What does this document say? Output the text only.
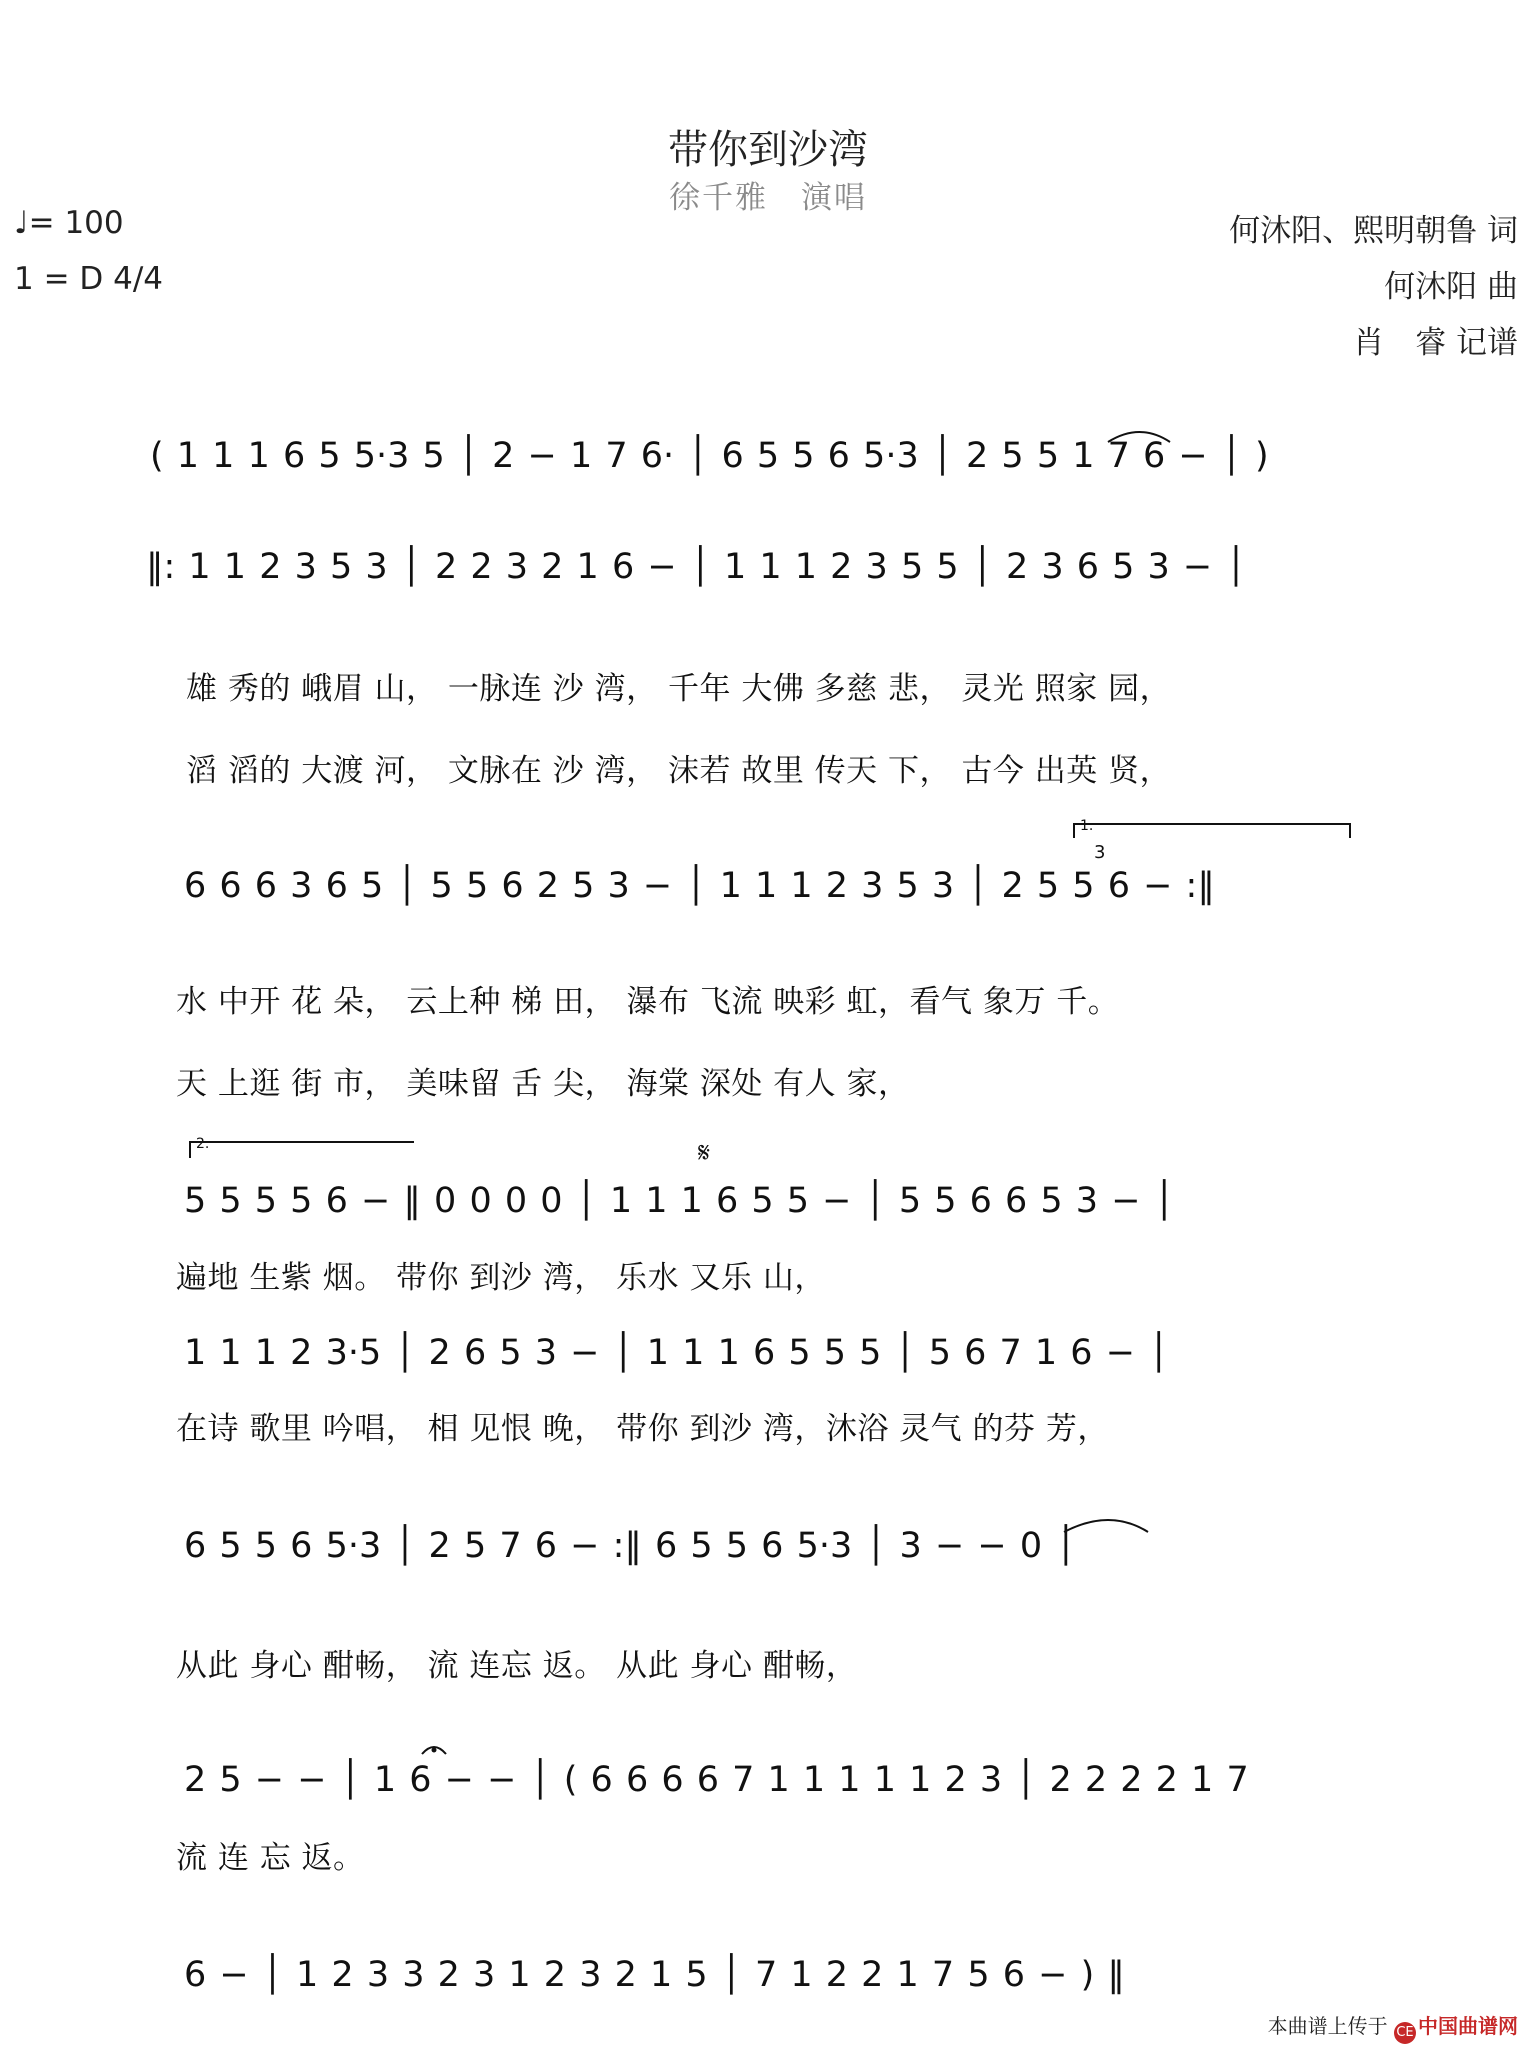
带你到沙湾
徐千雅　演唱
♩= 100
1 = D 4/4
何沐阳、熙明朝鲁 词
何沐阳 曲
肖　睿 记谱
( 1 1 1 6 5 5·3 5 │ 2 − 1 7 6· │ 6 5 5 6 5·3 │ 2 5 5 1 7 6 − │ )
‖: 1 1 2 3 5 3 │ 2 2 3 2 1 6 − │ 1 1 1 2 3 5 5 │ 2 3 6 5 3 − │
雄 秀的 峨眉 山， 一脉连 沙 湾， 千年 大佛 多慈 悲， 灵光 照家 园，
滔 滔的 大渡 河， 文脉在 沙 湾， 沫若 故里 传天 下， 古今 出英 贤，
1.
3
6 6 6 3 6 5 │ 5 5 6 2 5 3 − │ 1 1 1 2 3 5 3 │ 2 5 5 6 − :‖
水 中开 花 朵， 云上种 梯 田， 瀑布 飞流 映彩 虹，看气 象万 千。
天 上逛 街 市， 美味留 舌 尖， 海棠 深处 有人 家，
2.	𝄋
5 5 5 5 6 − ‖ 0 0 0 0 │ 1 1 1 6 5 5 − │ 5 5 6 6 5 3 − │
遍地 生紫 烟。 带你 到沙 湾， 乐水 又乐 山，
1 1 1 2 3·5 │ 2 6 5 3 − │ 1 1 1 6 5 5 5 │ 5 6 7 1 6 − │
在诗 歌里 吟唱， 相 见恨 晚， 带你 到沙 湾，沐浴 灵气 的芬 芳，
6 5 5 6 5·3 │ 2 5 7 6 − :‖ 6 5 5 6 5·3 │ 3 − − 0 │
从此 身心 酣畅， 流 连忘 返。 从此 身心 酣畅，
2 5 − − │ 1 6 − − │ ( 6 6 6 6 7 1 1 1 1 1 2 3 │ 2 2 2 2 1 7
流 连 忘 返。
6 − │ 1 2 3 3 2 3 1 2 3 2 1 5 │ 7 1 2 2 1 7 5 6 − ) ‖
本曲谱上传于 CE 中国曲谱网
